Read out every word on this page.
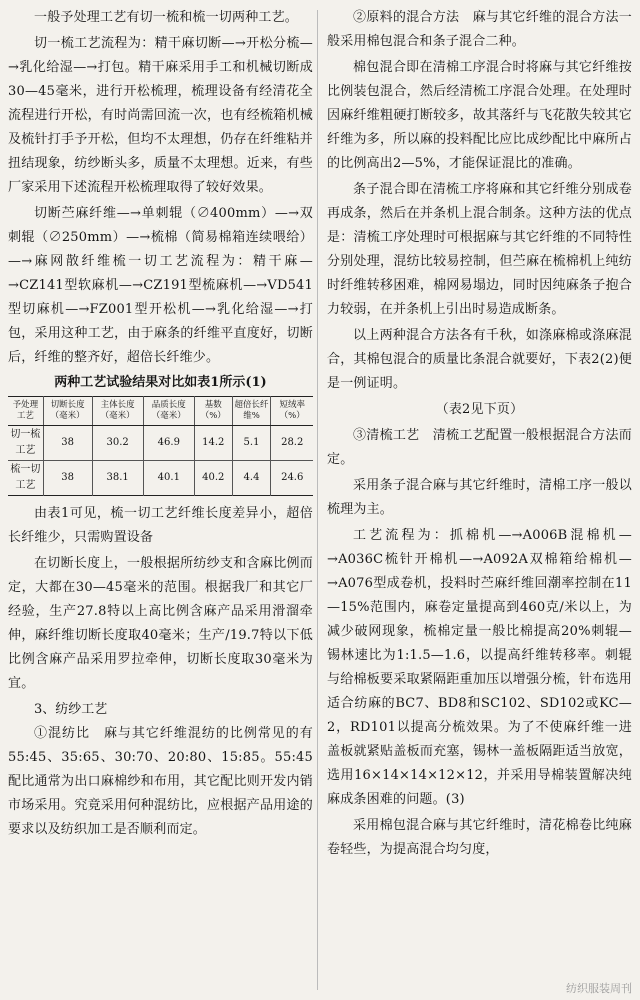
一般予处理工艺有切一梳和梳一切两种工艺。

切一梳工艺流程为：精干麻切断—→开松分梳—→乳化给湿—→打包。精干麻采用手工和机械切断成30—45毫米，进行开松梳理，梳理设备有经清花全流程进行开松，有时尚需回流一次，也有经梳箱机械及梳针打手予开松，但均不太理想，仍存在纤维粘并扭结现象，纺纱断头多，质量不太理想。近来，有些厂家采用下述流程开松梳理取得了较好效果。

切断苎麻纤维—→单刺辊（∅400mm）—→双刺辊（∅250mm）—→梳棉（简易棉箱连续喂给）—→麻网散纤维梳一切工艺流程为：精干麻—→CZ141型软麻机—→CZ191型梳麻机—→VD541型切麻机—→FZ001型开松机—→乳化给湿—→打包，采用这种工艺，由于麻条的纤维平直度好，切断后，纤维的整齐好，超倍长纤维少。

两种工艺试验结果对比如表1所示(1)
予处理工艺	切断长度（毫米）	主体长度（毫米）	品质长度（毫米）	基数（%）	超倍长纤维%	短绒率（%）
切一梳工艺	38	30.2	46.9	14.2	5.1	28.2
梳一切工艺	38	38.1	40.1	40.2	4.4	24.6

由表1可见，梳一切工艺纤维长度差异小，超倍长纤维少，只需购置设备

在切断长度上，一般根据所纺纱支和含麻比例而定，大都在30—45毫米的范围。根据我厂和其它厂经验，生产27.8特以上高比例含麻产品采用滑溜牵伸，麻纤维切断长度取40毫米；生产/19.7特以下低比例含麻产品采用罗拉牵伸，切断长度取30毫米为宜。

3、纺纱工艺

①混纺比　麻与其它纤维混纺的比例常见的有55:45、35:65、30:70、20:80、15:85。55:45配比通常为出口麻棉纱和布用，其它配比则开发内销市场采用。究竟采用何种混纺比，应根据产品用途的要求以及纺织加工是否顺利而定。

②原料的混合方法　麻与其它纤维的混合方法一般采用棉包混合和条子混合二种。

棉包混合即在清棉工序混合时将麻与其它纤维按比例装包混合，然后经清梳工序混合处理。在处理时因麻纤维粗硬打断较多，故其落纤与飞花散失较其它纤维为多，所以麻的投料配比应比成纱配比中麻所占的比例高出2—5%，才能保证混比的准确。

条子混合即在清梳工序将麻和其它纤维分别成卷再成条，然后在并条机上混合制条。这种方法的优点是：清梳工序处理时可根据麻与其它纤维的不同特性分别处理，混纺比较易控制，但苎麻在梳棉机上纯纺时纤维转移困难，棉网易塌边，同时因纯麻条子抱合力较弱，在并条机上引出时易造成断条。

以上两种混合方法各有千秋，如涤麻棉或涤麻混合，其棉包混合的质量比条混合就要好，下表2(2)便是一例证明。

（表2见下页）

③清梳工艺　清梳工艺配置一般根据混合方法而定。

采用条子混合麻与其它纤维时，清棉工序一般以梳理为主。

工艺流程为：抓棉机—→A006B混棉机—→A036C梳针开棉机—→A092A双棉箱给棉机—→A076型成卷机，投料时苎麻纤维回潮率控制在11—15%范围内，麻卷定量提高到460克/米以上，为减少破网现象，梳棉定量一般比棉提高20%刺辊—锡林速比为1:1.5—1.6，以提高纤维转移率。刺辊与给棉板要采取紧隔距重加压以增强分梳，针布选用适合纺麻的BC7、BD8和SC102、SD102或KC—2，RD101以提高分梳效果。为了不使麻纤维一进盖板就紧贴盖板而充塞，锡林一盖板隔距适当放宽，选用16×14×14×12×12，并采用导棉装置解决纯麻成条困难的问题。(3)

采用棉包混合麻与其它纤维时，清花棉卷比纯麻卷轻些，为提高混合均匀度，

纺织服装周刊
